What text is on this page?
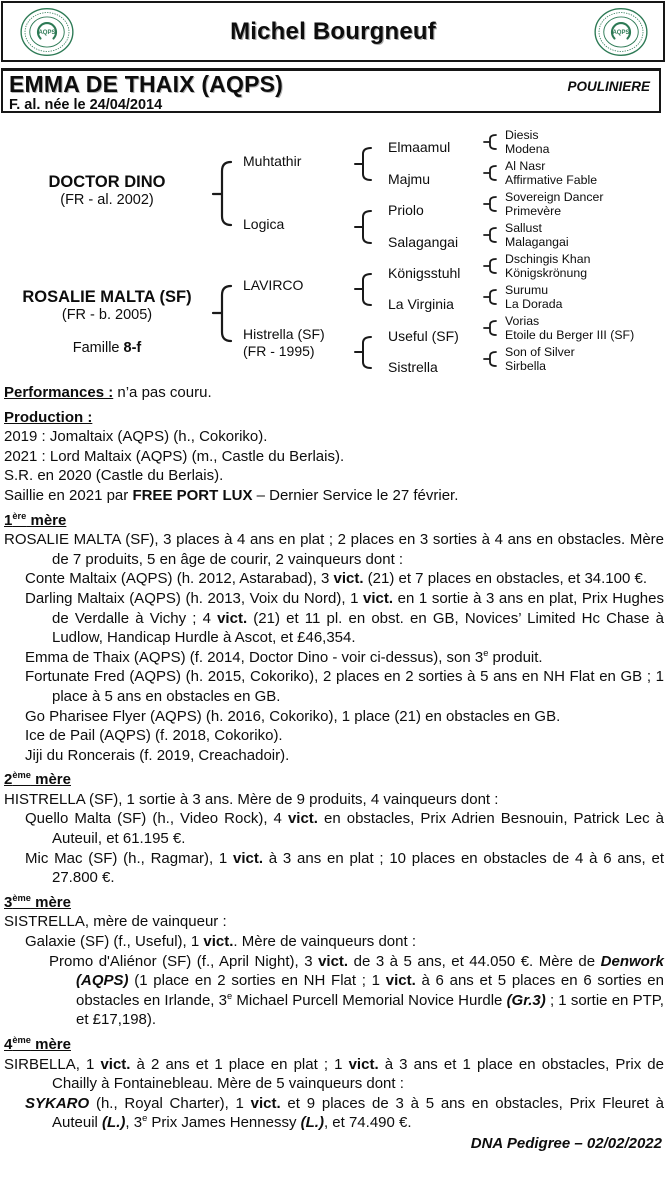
Michel Bourgneuf
EMMA DE THAIX (AQPS)	POULINIERE
F. al. née le 24/04/2014
DOCTOR DINO
(FR - al. 2002)
ROSALIE MALTA (SF)
(FR - b. 2005)
Famille 8-f
Muhtathir
Logica
LAVIRCO
Histrella (SF)
(FR - 1995)
Elmaamul
Majmu
Priolo
Salagangai
Königsstuhl
La Virginia
Useful (SF)
Sistrella
Diesis
Modena
Al Nasr
Affirmative Fable
Sovereign Dancer
Primevère
Sallust
Malagangai
Dschingis Khan
Königskrönung
Surumu
La Dorada
Vorias
Etoile du Berger III (SF)
Son of Silver
Sirbella

Performances : n’a pas couru.

Production :

2019 : Jomaltaix (AQPS) (h., Cokoriko).

2021 : Lord Maltaix (AQPS) (m., Castle du Berlais).

S.R. en 2020 (Castle du Berlais).

Saillie en 2021 par FREE PORT LUX – Dernier Service le 27 février.

1ère mère

ROSALIE MALTA (SF), 3 places à 4 ans en plat ; 2 places en 3 sorties à 4 ans en obstacles. Mère de 7 produits, 5 en âge de courir, 2 vainqueurs dont :

Conte Maltaix (AQPS) (h. 2012, Astarabad), 3 vict. (21) et 7 places en obstacles, et 34.100 €.

Darling Maltaix (AQPS) (h. 2013, Voix du Nord), 1 vict. en 1 sortie à 3 ans en plat, Prix Hughes de Verdalle à Vichy ; 4 vict. (21) et 11 pl. en obst. en GB, Novices’ Limited Hc Chase à Ludlow, Handicap Hurdle à Ascot, et £46,354.

Emma de Thaix (AQPS) (f. 2014, Doctor Dino - voir ci-dessus), son 3e produit.

Fortunate Fred (AQPS) (h. 2015, Cokoriko), 2 places en 2 sorties à 5 ans en NH Flat en GB ; 1 place à 5 ans en obstacles en GB.

Go Pharisee Flyer (AQPS) (h. 2016, Cokoriko), 1 place (21) en obstacles en GB.

Ice de Pail (AQPS) (f. 2018, Cokoriko).

Jiji du Roncerais (f. 2019, Creachadoir).

2ème mère

HISTRELLA (SF), 1 sortie à 3 ans. Mère de 9 produits, 4 vainqueurs dont :

Quello Malta (SF) (h., Video Rock), 4 vict. en obstacles, Prix Adrien Besnouin, Patrick Lec à Auteuil, et 61.195 €.

Mic Mac (SF) (h., Ragmar), 1 vict. à 3 ans en plat ; 10 places en obstacles de 4 à 6 ans, et 27.800 €.

3ème mère

SISTRELLA, mère de vainqueur :

Galaxie (SF) (f., Useful), 1 vict.. Mère de vainqueurs dont :

Promo d'Aliénor (SF) (f., April Night), 3 vict. de 3 à 5 ans, et 44.050 €. Mère de Denwork (AQPS) (1 place en 2 sorties en NH Flat ; 1 vict. à 6 ans et 5 places en 6 sorties en obstacles en Irlande, 3e Michael Purcell Memorial Novice Hurdle (Gr.3) ; 1 sortie en PTP, et £17,198).

4ème mère

SIRBELLA, 1 vict. à 2 ans et 1 place en plat ; 1 vict. à 3 ans et 1 place en obstacles, Prix de Chailly à Fontainebleau. Mère de 5 vainqueurs dont :

SYKARO (h., Royal Charter), 1 vict. et 9 places de 3 à 5 ans en obstacles, Prix Fleuret à Auteuil (L.), 3e Prix James Hennessy (L.), et 74.490 €.

DNA Pedigree – 02/02/2022
